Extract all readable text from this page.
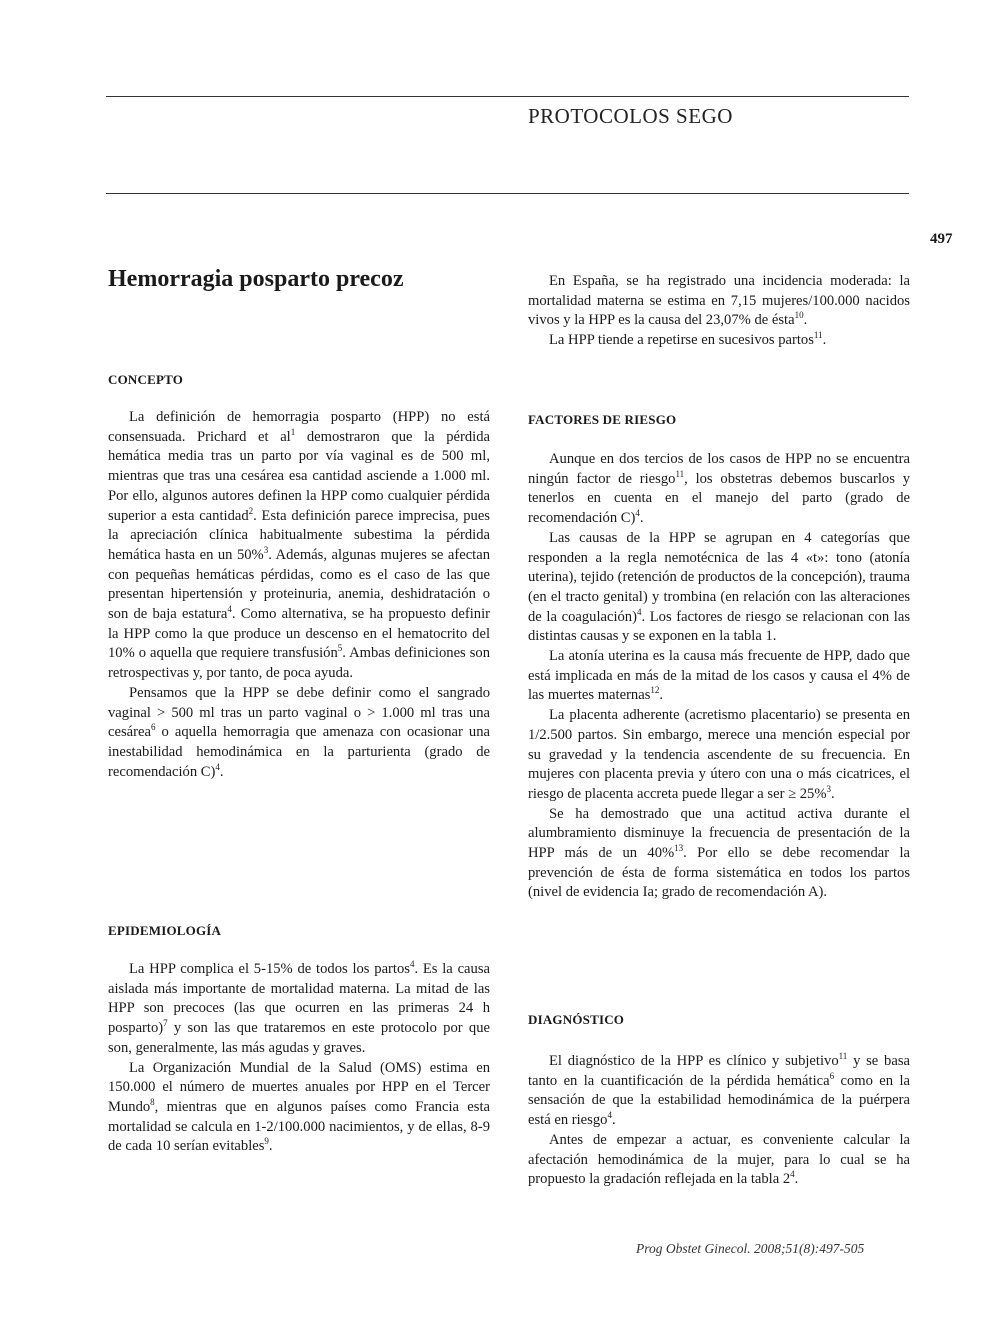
PROTOCOLOS SEGO
497
Hemorragia posparto precoz
CONCEPTO

La definición de hemorragia posparto (HPP) no está consensuada. Prichard et $al^1$ demostraron que la pérdida hemática media tras un parto por vía vaginal es de 500 ml, mientras que tras una cesárea esa cantidad asciende a 1.000 ml. Por ello, algunos autores definen la HPP como cualquier pérdida superior a esta cantidad$^2$. Esta definición parece imprecisa, pues la apreciación clínica habitualmente subestima la pérdida hemática hasta en un 50%$^3$. Además, algunas mujeres se afectan con pequeñas hemáticas pérdidas, como es el caso de las que presentan hipertensión y proteinuria, anemia, deshidratación o son de baja estatura$^4$. Como alternativa, se ha propuesto definir la HPP como la que produce un descenso en el hematocrito del 10% o aquella que requiere transfusión$^5$. Ambas definiciones son retrospectivas y, por tanto, de poca ayuda.

Pensamos que la HPP se debe definir como el sangrado vaginal > 500 ml tras un parto vaginal o > 1.000 ml tras una cesárea$^6$ o aquella hemorragia que amenaza con ocasionar una inestabilidad hemodinámica en la parturienta (grado de recomendación C)$^4$.

EPIDEMIOLOGÍA

La HPP complica el 5-15% de todos los partos$^4$. Es la causa aislada más importante de mortalidad materna. La mitad de las HPP son precoces (las que ocurren en las primeras 24 h posparto)$^7$ y son las que trataremos en este protocolo por que son, generalmente, las más agudas y graves.

La Organización Mundial de la Salud (OMS) estima en 150.000 el número de muertes anuales por HPP en el Tercer Mundo$^8$, mientras que en algunos países como Francia esta mortalidad se calcula en 1-2/100.000 nacimientos, y de ellas, 8-9 de cada 10 serían evitables$^9$.

En España, se ha registrado una incidencia moderada: la mortalidad materna se estima en 7,15 mujeres/100.000 nacidos vivos y la HPP es la causa del 23,07% de ésta$^{10}$.

La HPP tiende a repetirse en sucesivos partos$^{11}$.

FACTORES DE RIESGO

Aunque en dos tercios de los casos de HPP no se encuentra ningún factor de riesgo$^{11}$, los obstetras debemos buscarlos y tenerlos en cuenta en el manejo del parto (grado de recomendación C)$^4$.

Las causas de la HPP se agrupan en 4 categorías que responden a la regla nemotécnica de las 4 «t»: tono (atonía uterina), tejido (retención de productos de la concepción), trauma (en el tracto genital) y trombina (en relación con las alteraciones de la coagulación)$^4$. Los factores de riesgo se relacionan con las distintas causas y se exponen en la tabla 1.

La atonía uterina es la causa más frecuente de HPP, dado que está implicada en más de la mitad de los casos y causa el 4% de las muertes maternas$^{12}$.

La placenta adherente (acretismo placentario) se presenta en 1/2.500 partos. Sin embargo, merece una mención especial por su gravedad y la tendencia ascendente de su frecuencia. En mujeres con placenta previa y útero con una o más cicatrices, el riesgo de placenta accreta puede llegar a ser ≥ 25%$^3$.

Se ha demostrado que una actitud activa durante el alumbramiento disminuye la frecuencia de presentación de la HPP más de un 40%$^{13}$. Por ello se debe recomendar la prevención de ésta de forma sistemática en todos los partos (nivel de evidencia Ia; grado de recomendación A).

DIAGNÓSTICO

El diagnóstico de la HPP es clínico y subjetivo$^{11}$ y se basa tanto en la cuantificación de la pérdida hemática$^6$ como en la sensación de que la estabilidad hemodinámica de la puérpera está en riesgo$^4$.

Antes de empezar a actuar, es conveniente calcular la afectación hemodinámica de la mujer, para lo cual se ha propuesto la gradación reflejada en la tabla $2^4$.

Prog Obstet Ginecol. 2008;51(8):497-505
